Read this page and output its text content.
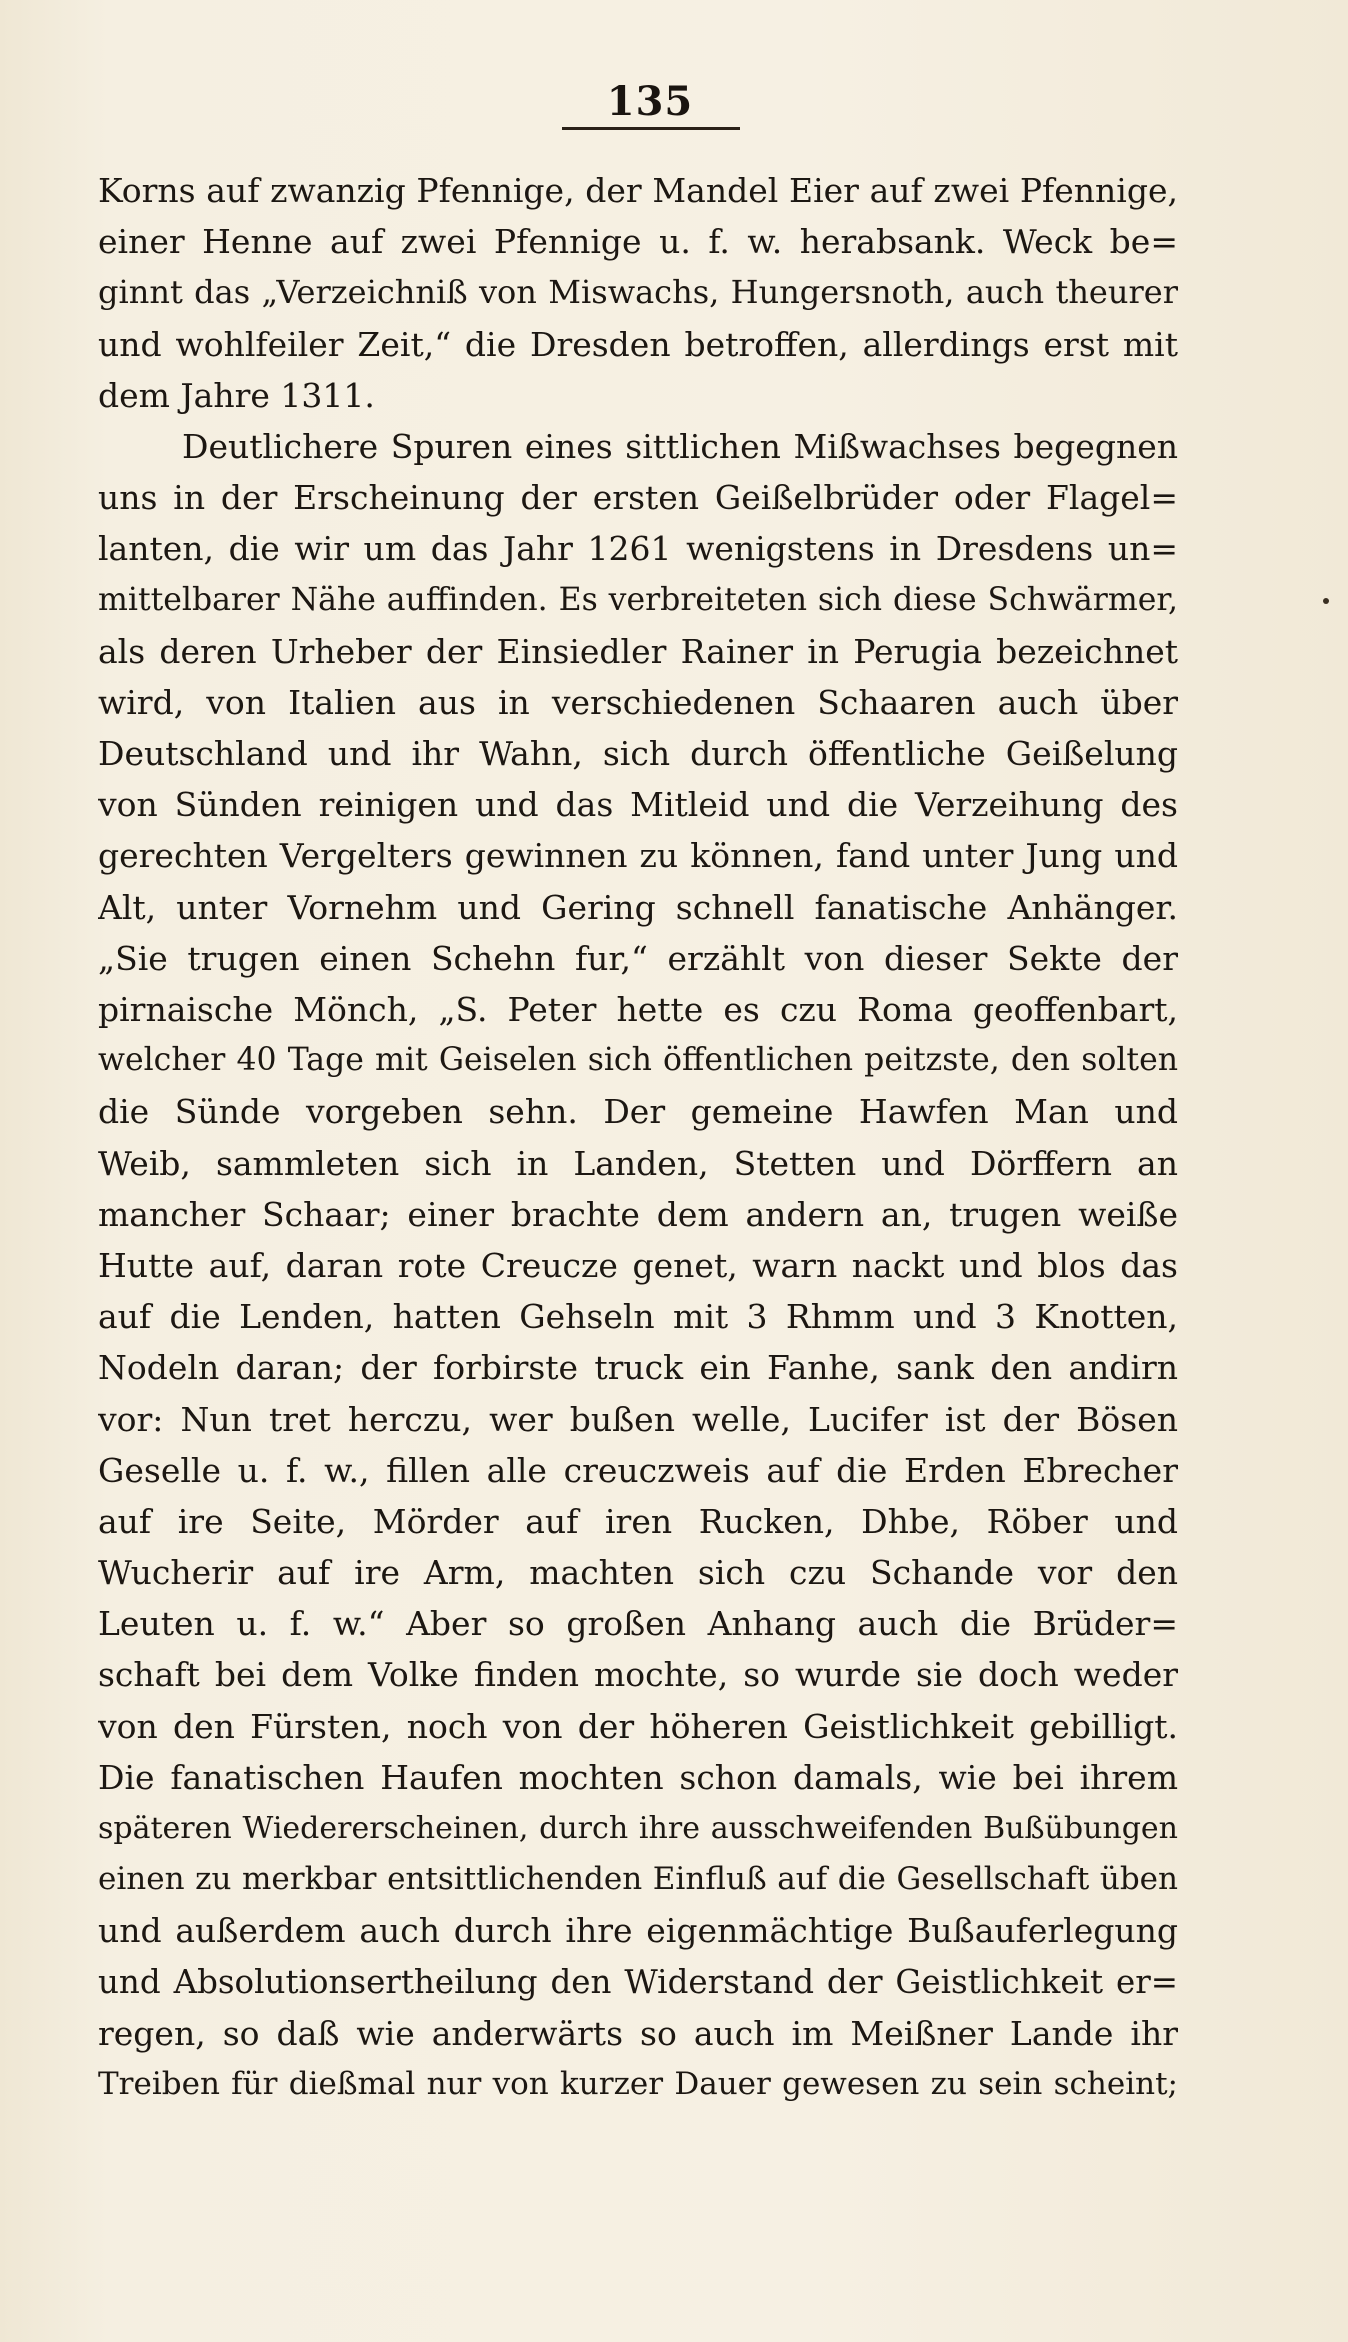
135
Korns auf zwanzig Pfennige, der Mandel Eier auf zwei Pfennige,
einer Henne auf zwei Pfennige u. f. w. herabsank. Weck be=
ginnt das „Verzeichniß von Miswachs, Hungersnoth, auch theurer
und wohlfeiler Zeit,“ die Dresden betroffen, allerdings erst mit
dem Jahre 1311.
Deutlichere Spuren eines sittlichen Mißwachses begegnen
uns in der Erscheinung der ersten Geißelbrüder oder Flagel=
lanten, die wir um das Jahr 1261 wenigstens in Dresdens un=
mittelbarer Nähe auffinden. Es verbreiteten sich diese Schwärmer,
als deren Urheber der Einsiedler Rainer in Perugia bezeichnet
wird, von Italien aus in verschiedenen Schaaren auch über
Deutschland und ihr Wahn, sich durch öffentliche Geißelung
von Sünden reinigen und das Mitleid und die Verzeihung des
gerechten Vergelters gewinnen zu können, fand unter Jung und
Alt, unter Vornehm und Gering schnell fanatische Anhänger.
„Sie trugen einen Schehn fur,“ erzählt von dieser Sekte der
pirnaische Mönch, „S. Peter hette es czu Roma geoffenbart,
welcher 40 Tage mit Geiselen sich öffentlichen peitzste, den solten
die Sünde vorgeben sehn. Der gemeine Hawfen Man und
Weib, sammleten sich in Landen, Stetten und Dörffern an
mancher Schaar; einer brachte dem andern an, trugen weiße
Hutte auf, daran rote Creucze genet, warn nackt und blos das
auf die Lenden, hatten Gehseln mit 3 Rhmm und 3 Knotten,
Nodeln daran; der forbirste truck ein Fanhe, sank den andirn
vor: Nun tret herczu, wer bußen welle, Lucifer ist der Bösen
Geselle u. f. w., fillen alle creuczweis auf die Erden Ebrecher
auf ire Seite, Mörder auf iren Rucken, Dhbe, Röber und
Wucherir auf ire Arm, machten sich czu Schande vor den
Leuten u. f. w.“ Aber so großen Anhang auch die Brüder=
schaft bei dem Volke finden mochte, so wurde sie doch weder
von den Fürsten, noch von der höheren Geistlichkeit gebilligt.
Die fanatischen Haufen mochten schon damals, wie bei ihrem
späteren Wiedererscheinen, durch ihre ausschweifenden Bußübungen
einen zu merkbar entsittlichenden Einfluß auf die Gesellschaft üben
und außerdem auch durch ihre eigenmächtige Bußauferlegung
und Absolutionsertheilung den Widerstand der Geistlichkeit er=
regen, so daß wie anderwärts so auch im Meißner Lande ihr
Treiben für dießmal nur von kurzer Dauer gewesen zu sein scheint;
